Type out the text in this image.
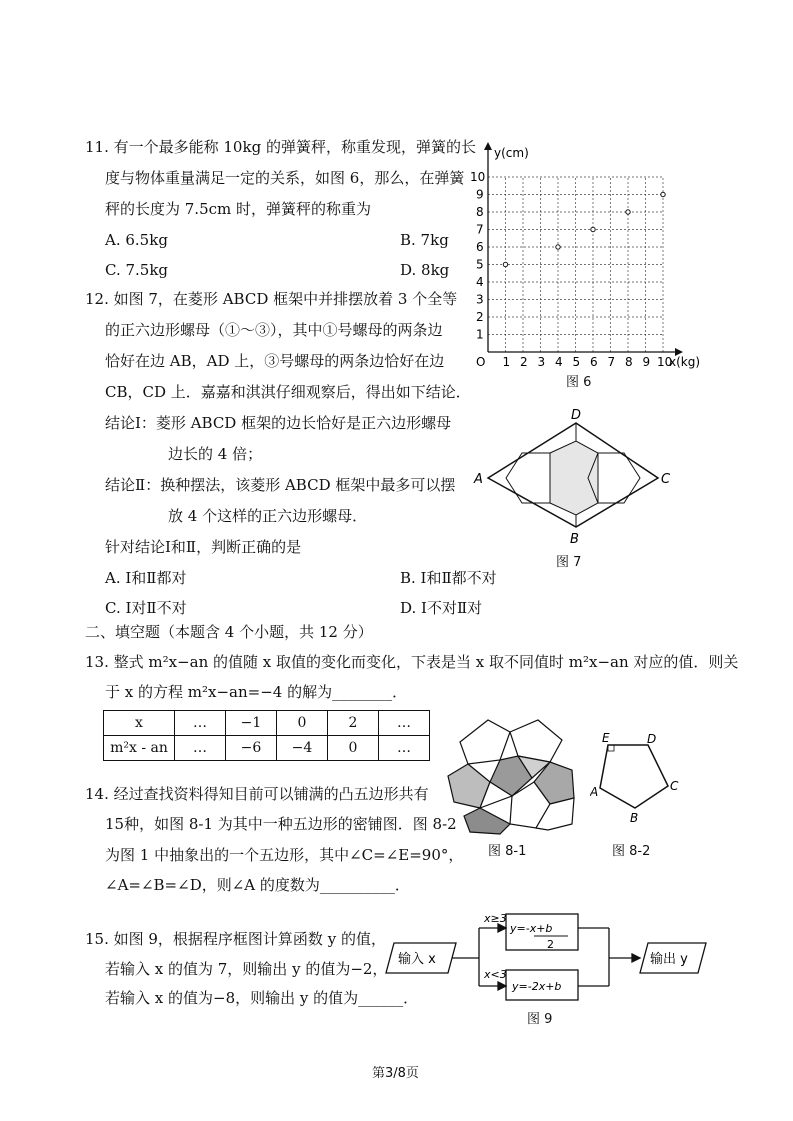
11. 有一个最多能称 10kg 的弹簧秤，称重发现，弹簧的长
度与物体重量满足一定的关系，如图 6，那么，在弹簧
秤的长度为 7.5cm 时，弹簧秤的称重为
A. 6.5kg	B. 7kg
C. 7.5kg	D. 8kg
1 2 3 4 5 6 7 8 9 10
1
2
3
4
5
6
7
8
9
10
y(cm)
x(kg)
O
图 6
12. 如图 7，在菱形 ABCD 框架中并排摆放着 3 个全等
的正六边形螺母（①～③），其中①号螺母的两条边
恰好在边 AB，AD 上，③号螺母的两条边恰好在边
CB，CD 上．嘉嘉和淇淇仔细观察后，得出如下结论．
结论Ⅰ：菱形 ABCD 框架的边长恰好是正六边形螺母
边长的 4 倍；
结论Ⅱ：换种摆法，该菱形 ABCD 框架中最多可以摆
放 4 个这样的正六边形螺母．
针对结论Ⅰ和Ⅱ，判断正确的是
A. Ⅰ和Ⅱ都对	B. Ⅰ和Ⅱ都不对
C. Ⅰ对Ⅱ不对	D. Ⅰ不对Ⅱ对
D
A	C
B
图 7
二、填空题（本题含 4 个小题，共 12 分）
13. 整式 m²x−an 的值随 x 取值的变化而变化，下表是当 x 取不同值时 m²x−an 对应的值．则关
于 x 的方程 m²x−an=−4 的解为________．
x	…	−1	0	2	…
m²x - an	…	−6	−4	0	…
图 8-1
E	D
C
B
A
图 8-2
14. 经过查找资料得知目前可以铺满的凸五边形共有
15种，如图 8-1 为其中一种五边形的密铺图．图 8-2
为图 1 中抽象出的一个五边形，其中∠C=∠E=90°，
∠A=∠B=∠D，则∠A 的度数为__________．
15. 如图 9，根据程序框图计算函数 y 的值，
若输入 x 的值为 7，则输出 y 的值为−2，
若输入 x 的值为−8，则输出 y 的值为______．
输入 x	输出 y
x≥3
x<3
y=-x+b
2
y=-2x+b
图 9
第3/8页
